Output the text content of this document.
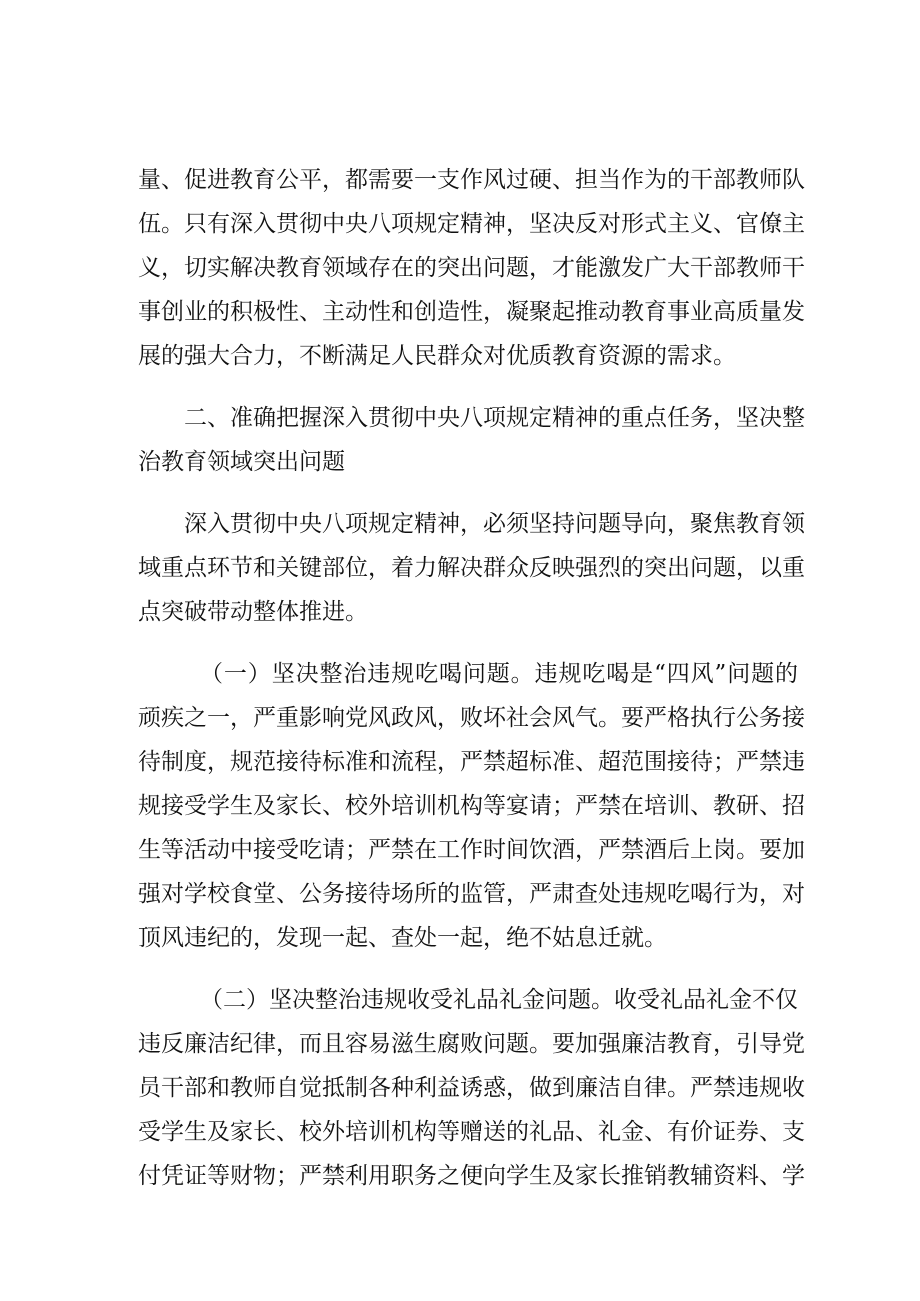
量、促进教育公平，都需要一支作风过硬、担当作为的干部教师队
伍。只有深入贯彻中央八项规定精神，坚决反对形式主义、官僚主
义，切实解决教育领域存在的突出问题，才能激发广大干部教师干
事创业的积极性、主动性和创造性，凝聚起推动教育事业高质量发
展的强大合力，不断满足人民群众对优质教育资源的需求。
二、准确把握深入贯彻中央八项规定精神的重点任务，坚决整
治教育领域突出问题
深入贯彻中央八项规定精神，必须坚持问题导向，聚焦教育领
域重点环节和关键部位，着力解决群众反映强烈的突出问题，以重
点突破带动整体推进。
（一）坚决整治违规吃喝问题。违规吃喝是“四风”问题的
顽疾之一，严重影响党风政风，败坏社会风气。要严格执行公务接
待制度，规范接待标准和流程，严禁超标准、超范围接待；严禁违
规接受学生及家长、校外培训机构等宴请；严禁在培训、教研、招
生等活动中接受吃请；严禁在工作时间饮酒，严禁酒后上岗。要加
强对学校食堂、公务接待场所的监管，严肃查处违规吃喝行为，对
顶风违纪的，发现一起、查处一起，绝不姑息迁就。
（二）坚决整治违规收受礼品礼金问题。收受礼品礼金不仅
违反廉洁纪律，而且容易滋生腐败问题。要加强廉洁教育，引导党
员干部和教师自觉抵制各种利益诱惑，做到廉洁自律。严禁违规收
受学生及家长、校外培训机构等赠送的礼品、礼金、有价证券、支
付凭证等财物；严禁利用职务之便向学生及家长推销教辅资料、学
